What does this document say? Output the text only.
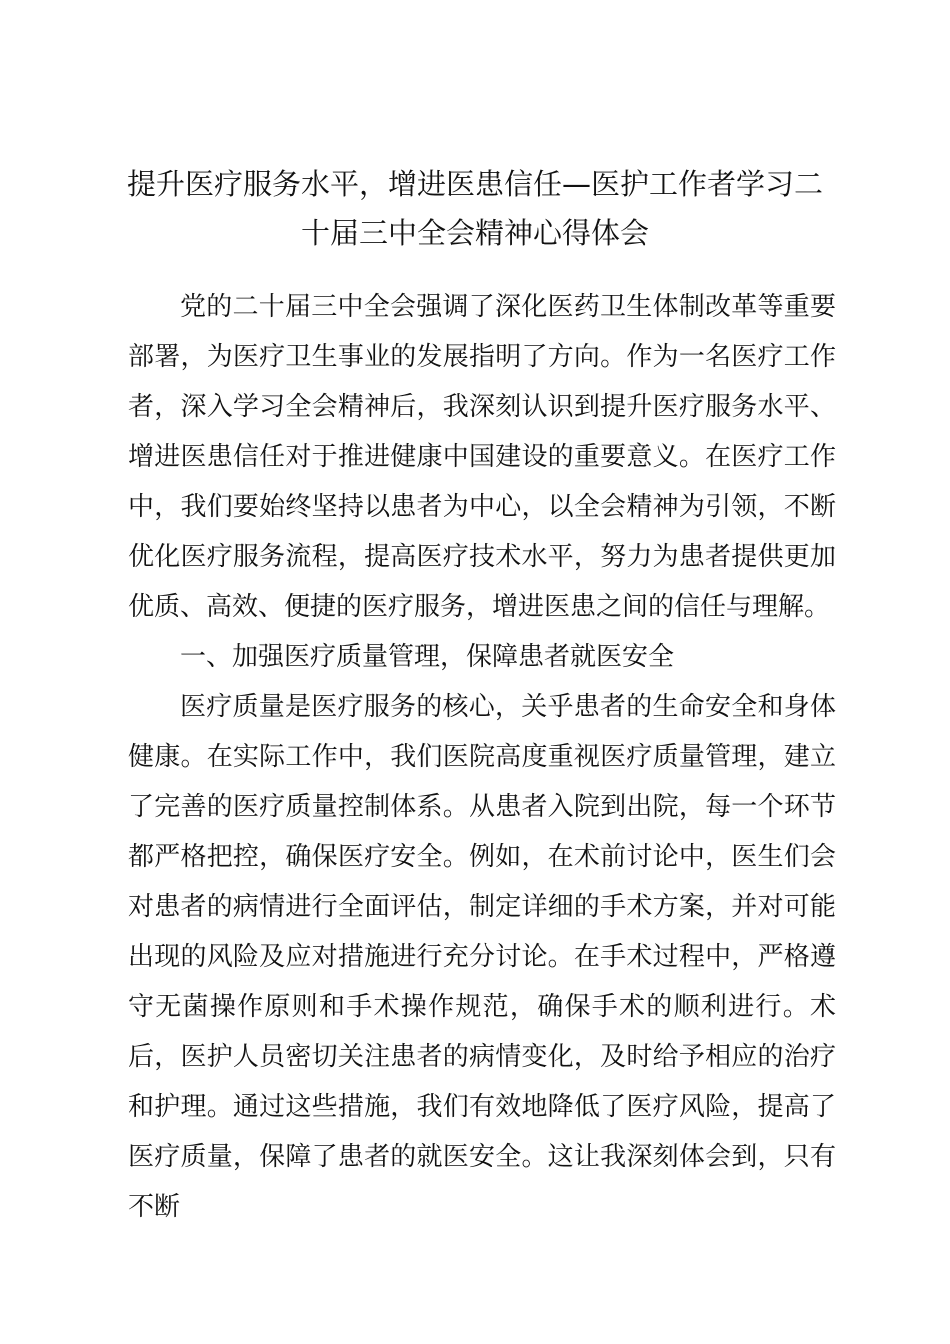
提升医疗服务水平，增进医患信任—医护工作者学习二
十届三中全会精神心得体会

党的二十届三中全会强调了深化医药卫生体制改革等重要部署，为医疗卫生事业的发展指明了方向。作为一名医疗工作者，深入学习全会精神后，我深刻认识到提升医疗服务水平、增进医患信任对于推进健康中国建设的重要意义。在医疗工作中，我们要始终坚持以患者为中心，以全会精神为引领，不断优化医疗服务流程，提高医疗技术水平，努力为患者提供更加优质、高效、便捷的医疗服务，增进医患之间的信任与理解。

一、加强医疗质量管理，保障患者就医安全

医疗质量是医疗服务的核心，关乎患者的生命安全和身体健康。在实际工作中，我们医院高度重视医疗质量管理，建立了完善的医疗质量控制体系。从患者入院到出院，每一个环节都严格把控，确保医疗安全。例如，在术前讨论中，医生们会对患者的病情进行全面评估，制定详细的手术方案，并对可能出现的风险及应对措施进行充分讨论。在手术过程中，严格遵守无菌操作原则和手术操作规范，确保手术的顺利进行。术后，医护人员密切关注患者的病情变化，及时给予相应的治疗和护理。通过这些措施，我们有效地降低了医疗风险，提高了医疗质量，保障了患者的就医安全。这让我深刻体会到，只有不断
